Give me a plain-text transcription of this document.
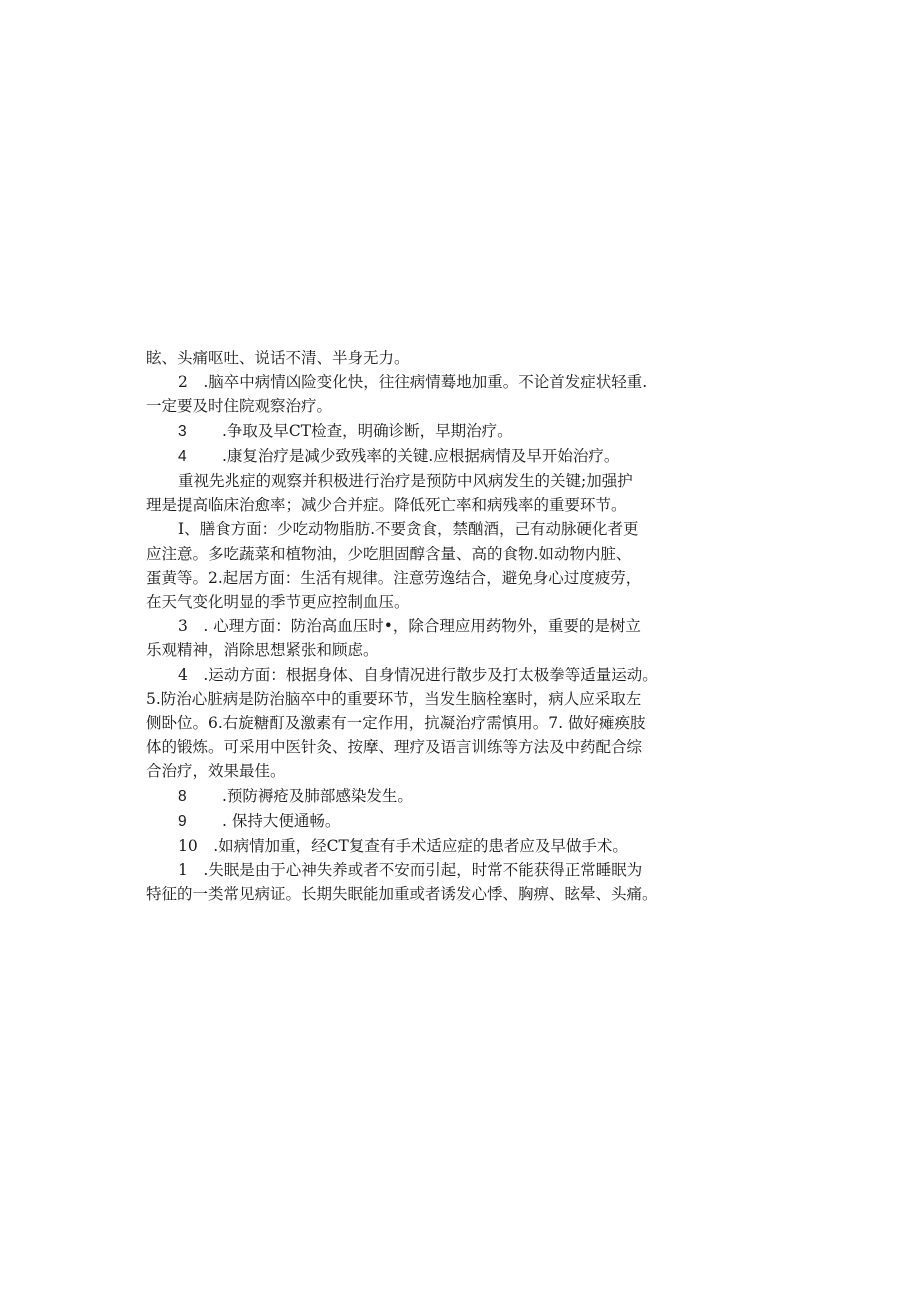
眩、头痛呕吐、说话不清、半身无力。

2　.脑卒中病情凶险变化快，往往病情蓦地加重。不论首发症状轻重.

一定要及时住院观察治疗。

3 .争取及早CT检查，明确诊断，早期治疗。

4 .康复治疗是减少致残率的关键.应根据病情及早开始治疗。

重视先兆症的观察并积极进行治疗是预防中风病发生的关键;加强护

理是提高临床治愈率；减少合并症。降低死亡率和病残率的重要环节。

I、膳食方面：少吃动物脂肪.不要贪食，禁酗酒，己有动脉硬化者更

应注意。多吃蔬菜和植物油，少吃胆固醇含量、高的食物.如动物内脏、

蛋黄等。2.起居方面：生活有规律。注意劳逸结合，避免身心过度疲劳，

在天气变化明显的季节更应控制血压。

3　. 心理方面：防治高血压时•，除合理应用药物外，重要的是树立

乐观精神，消除思想紧张和顾虑。

4　.运动方面：根据身体、自身情况进行散步及打太极拳等适量运动。

5.防治心脏病是防治脑卒中的重要环节，当发生脑栓塞时，病人应采取左

侧卧位。6.右旋糖酊及激素有一定作用，抗凝治疗需慎用。7. 做好瘫痪肢

体的锻炼。可采用中医针灸、按摩、理疗及语言训练等方法及中药配合综

合治疗，效果最佳。

8 .预防褥疮及肺部感染发生。

9 . 保持大便通畅。

10　.如病情加重，经CT复查有手术适应症的患者应及早做手术。

1　.失眠是由于心神失养或者不安而引起，时常不能获得正常睡眠为

特征的一类常见病证。长期失眠能加重或者诱发心悸、胸痹、眩晕、头痛。
